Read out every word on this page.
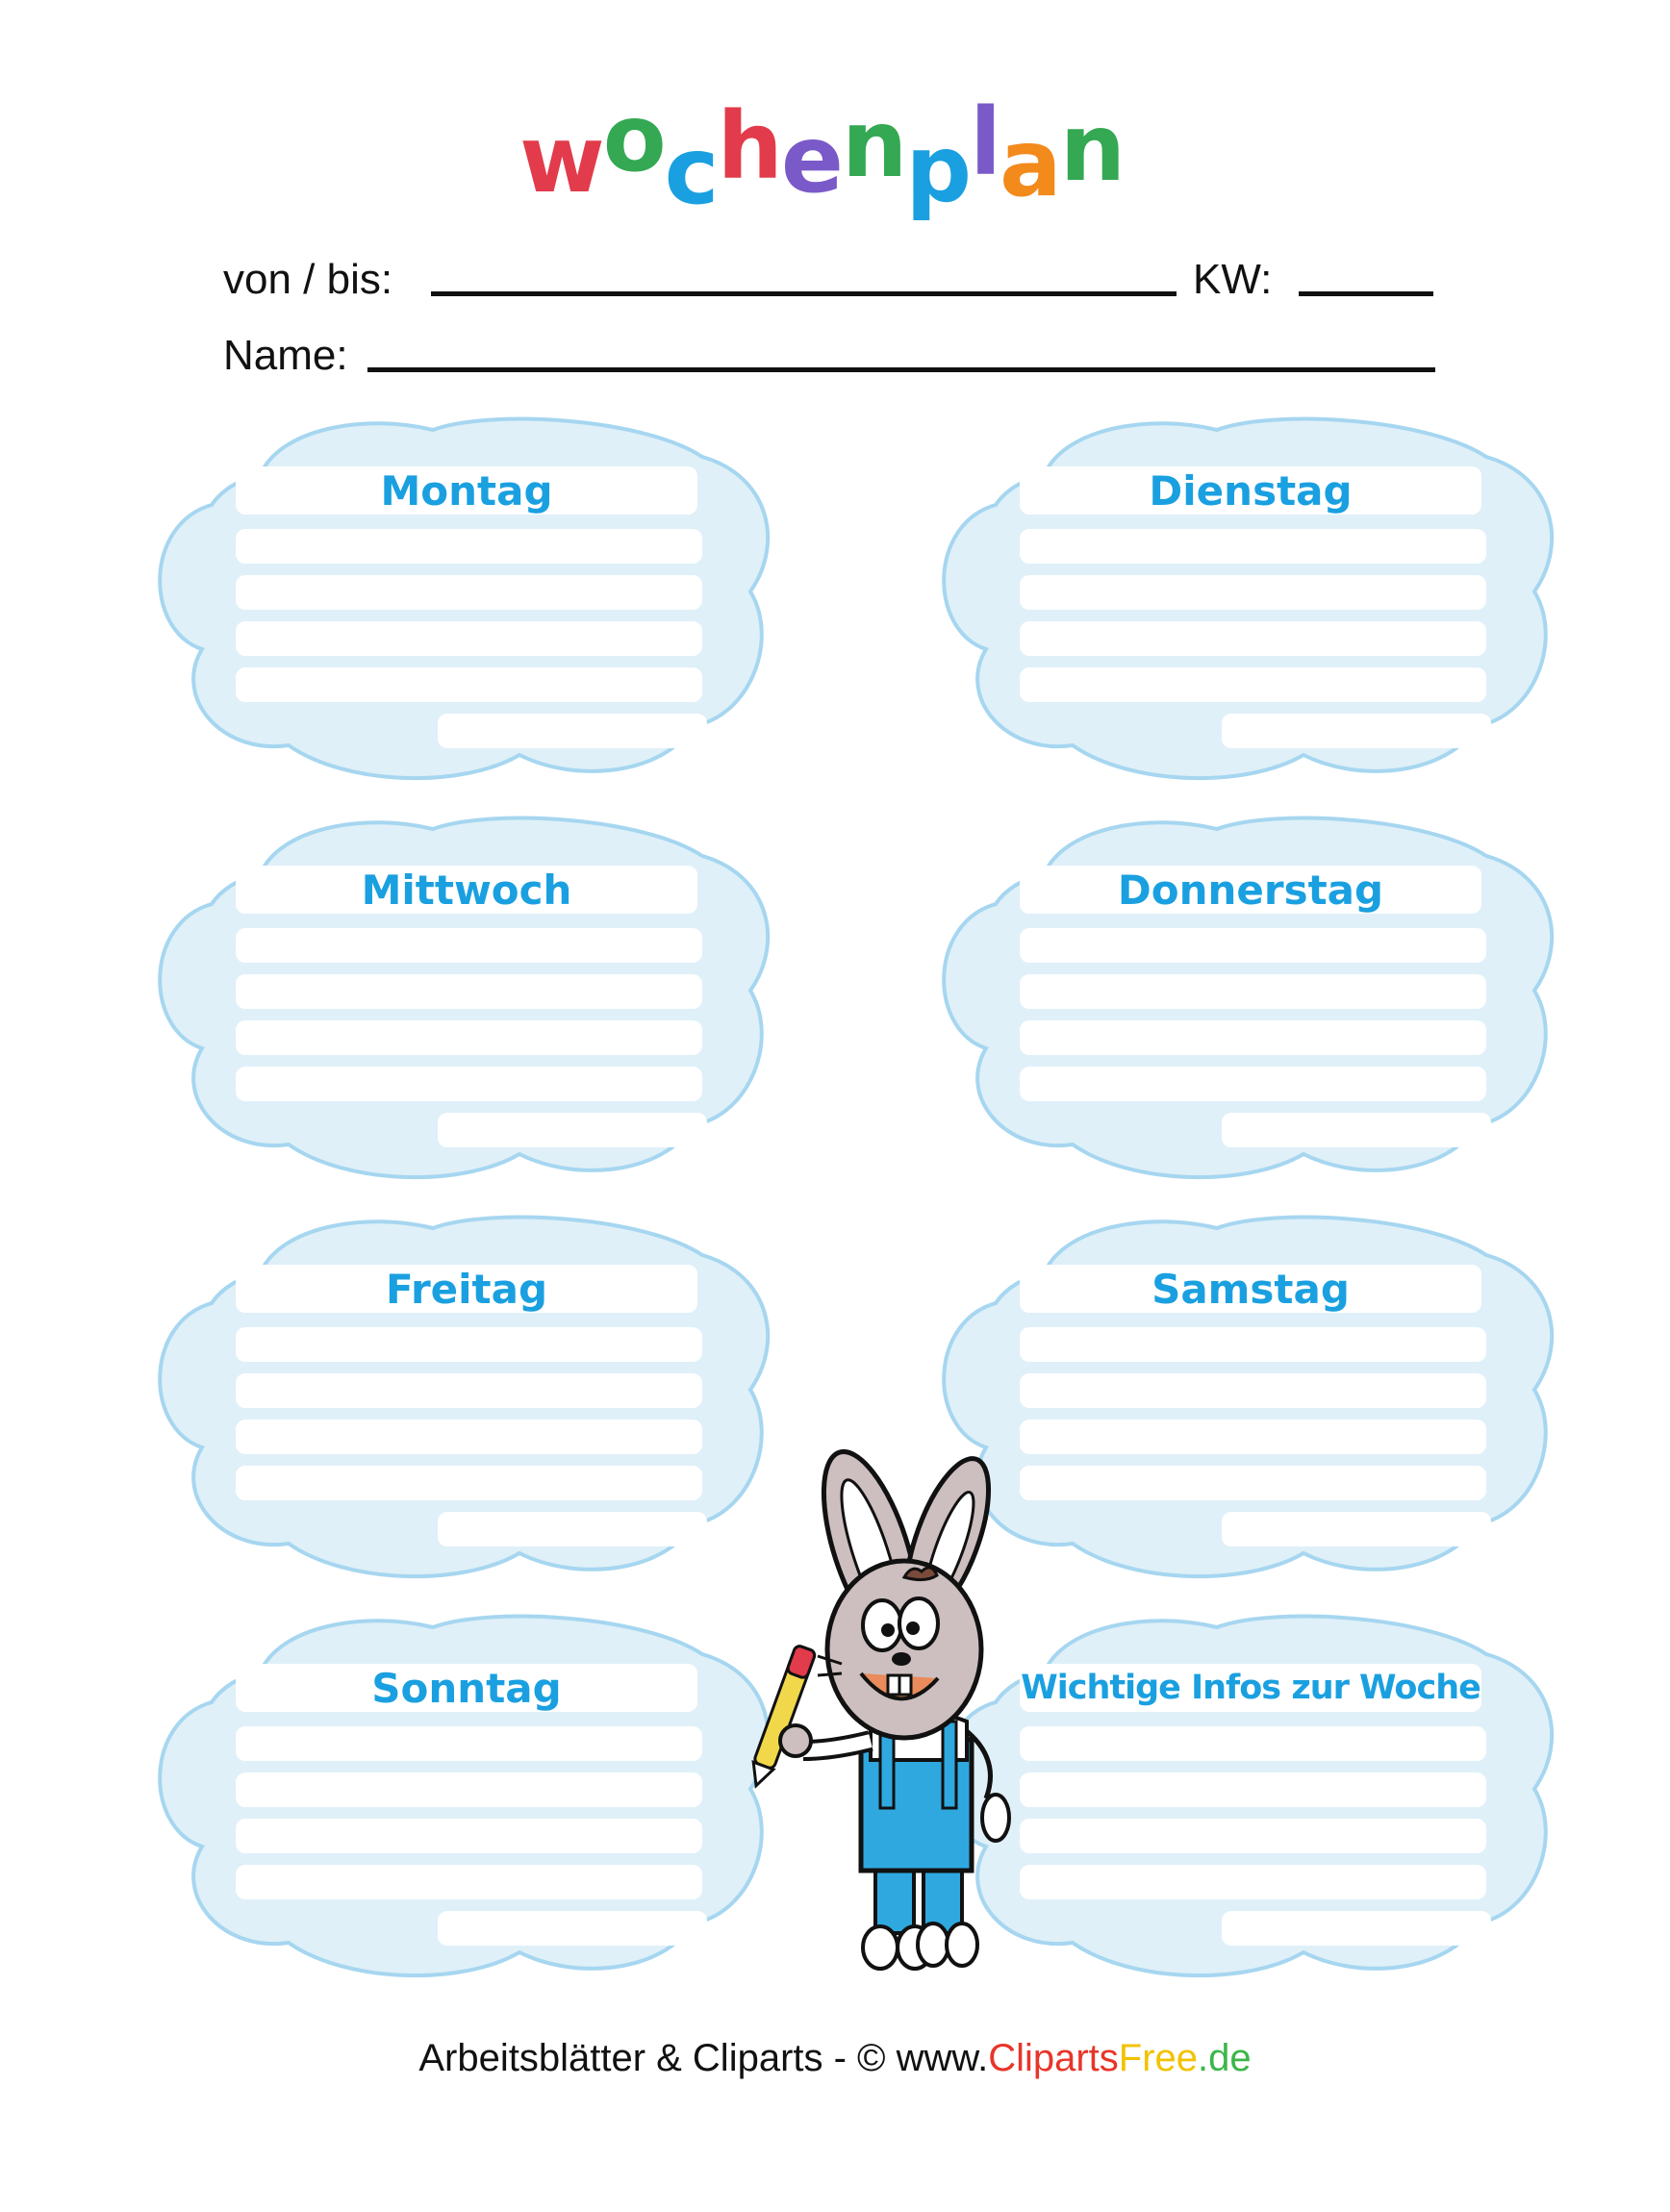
wochenplan
von / bis:	KW:
Name:
Montag	Dienstag
Mittwoch	Donnerstag
Freitag	Samstag
Sonntag	Wichtige Infos zur Woche
Arbeitsblätter & Cliparts - © www.ClipartsFree.de
